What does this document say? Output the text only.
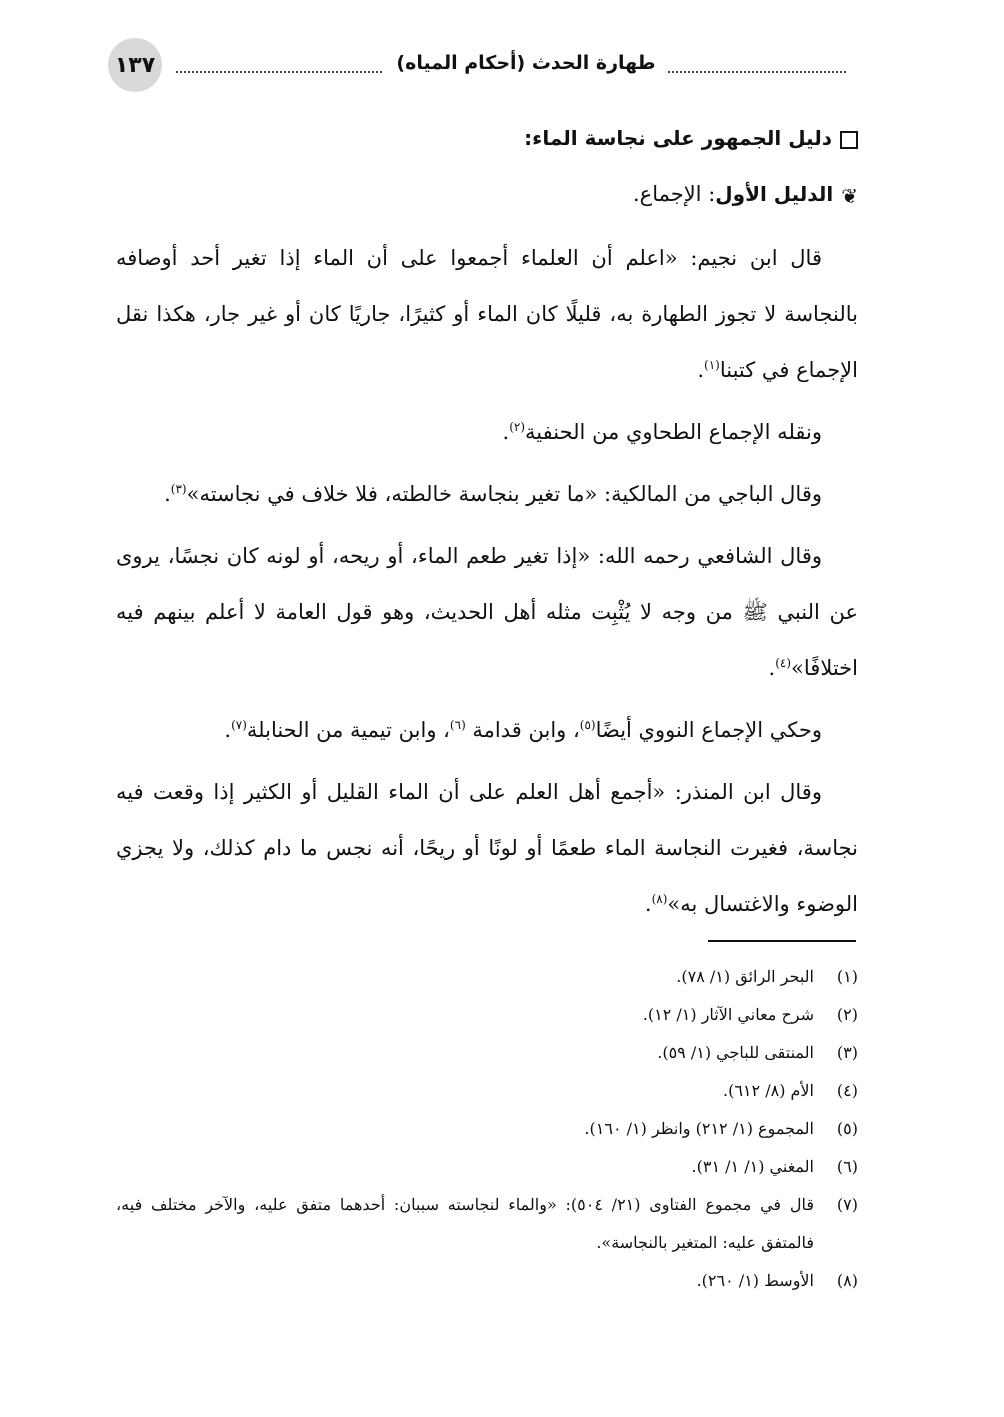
١٣٧	طهارة الحدث (أحكام المياه)

دليل الجمهور على نجاسة الماء:

❦الدليل الأول: الإجماع.

قال ابن نجيم: «اعلم أن العلماء أجمعوا على أن الماء إذا تغير أحد أوصافه بالنجاسة لا تجوز الطهارة به، قليلًا كان الماء أو كثيرًا، جاريًا كان أو غير جار، هكذا نقل الإجماع في كتبنا$^{(١)}$.

ونقله الإجماع الطحاوي من الحنفية$^{(٢)}$.

وقال الباجي من المالكية: «ما تغير بنجاسة خالطته، فلا خلاف في نجاسته»$^{(٣)}$.

وقال الشافعي رحمه الله: «إذا تغير طعم الماء، أو ريحه، أو لونه كان نجسًا، يروى عن النبي ﷺ من وجه لا يُثْبِت مثله أهل الحديث، وهو قول العامة لا أعلم بينهم فيه اختلافًا»$^{(٤)}$.

وحكي الإجماع النووي أيضًا$^{(٥)}$، وابن قدامة $^{(٦)}$، وابن تيمية من الحنابلة$^{(٧)}$.

وقال ابن المنذر: «أجمع أهل العلم على أن الماء القليل أو الكثير إذا وقعت فيه نجاسة، فغيرت النجاسة الماء طعمًا أو لونًا أو ريحًا، أنه نجس ما دام كذلك، ولا يجزي الوضوء والاغتسال به»$^{(٨)}$.

(١)
البحر الرائق (١/ ٧٨).
(٢)
شرح معاني الآثار (١/ ١٢).
(٣)
المنتقى للباجي (١/ ٥٩).
(٤)
الأم (٨/ ٦١٢).
(٥)
المجموع (١/ ٢١٢) وانظر (١/ ١٦٠).
(٦)
المغني (١/ ١/ ٣١).
(٧)
قال في مجموع الفتاوى (٢١/ ٥٠٤): «والماء لنجاسته سببان: أحدهما متفق عليه، والآخر مختلف فيه، فالمتفق عليه: المتغير بالنجاسة».
(٨)
الأوسط (١/ ٢٦٠).
